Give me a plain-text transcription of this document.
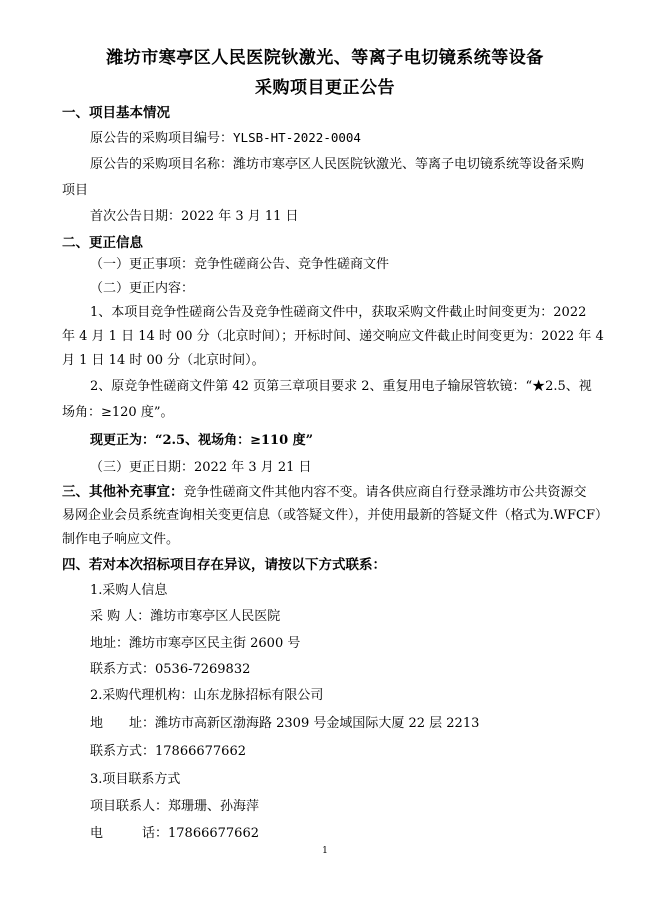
潍坊市寒亭区人民医院钬激光、等离子电切镜系统等设备
采购项目更正公告
一、项目基本情况
原公告的采购项目编号：YLSB-HT-2022-0004
原公告的采购项目名称：潍坊市寒亭区人民医院钬激光、等离子电切镜系统等设备采购
项目
首次公告日期：2022 年 3 月 11 日
二、更正信息
（一）更正事项：竞争性磋商公告、竞争性磋商文件
（二）更正内容：
1、本项目竞争性磋商公告及竞争性磋商文件中，获取采购文件截止时间变更为：2022
年 4 月 1 日 14 时 00 分（北京时间）；开标时间、递交响应文件截止时间变更为：2022 年 4
月 1 日 14 时 00 分（北京时间）。
2、原竞争性磋商文件第 42 页第三章项目要求 2、重复用电子输尿管软镜：“★2.5、视
场角：≥120 度”。
现更正为：“2.5、视场角：≥110 度”
（三）更正日期：2022 年 3 月 21 日
三、其他补充事宜：竞争性磋商文件其他内容不变。请各供应商自行登录潍坊市公共资源交
易网企业会员系统查询相关变更信息（或答疑文件），并使用最新的答疑文件（格式为.WFCF）
制作电子响应文件。
四、若对本次招标项目存在异议，请按以下方式联系：
1.采购人信息
采 购 人：潍坊市寒亭区人民医院
地址：潍坊市寒亭区民主街 2600 号
联系方式：0536-7269832
2.采购代理机构：山东龙脉招标有限公司
地　　址：潍坊市高新区渤海路 2309 号金域国际大厦 22 层 2213
联系方式：17866677662
3.项目联系方式
项目联系人：郑珊珊、孙海萍
电　　　话：17866677662
1
